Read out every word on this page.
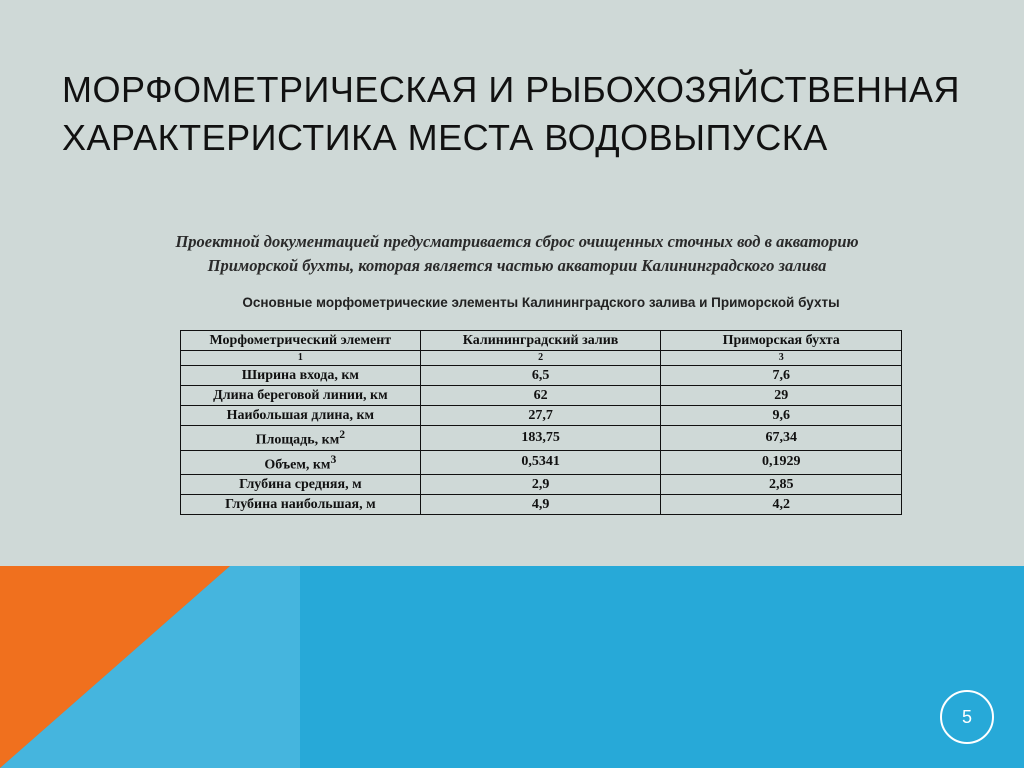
МОРФОМЕТРИЧЕСКАЯ И РЫБОХОЗЯЙСТВЕННАЯ
ХАРАКТЕРИСТИКА МЕСТА ВОДОВЫПУСКА

Проектной документацией предусматривается сброс очищенных сточных вод в акваторию
Приморской бухты, которая является частью акватории Калининградского залива

Основные морфометрические элементы Калининградского залива и Приморской бухты

Морфометрический элемент	Калининградский залив	Приморская бухта
1	2	3
Ширина входа, км	6,5	7,6
Длина береговой линии, км	62	29
Наибольшая длина, км	27,7	9,6
Площадь, $км^2$	183,75	67,34
Объем, $км^3$	0,5341	0,1929
Глубина средняя, м	2,9	2,85
Глубина наибольшая, м	4,9	4,2
5
